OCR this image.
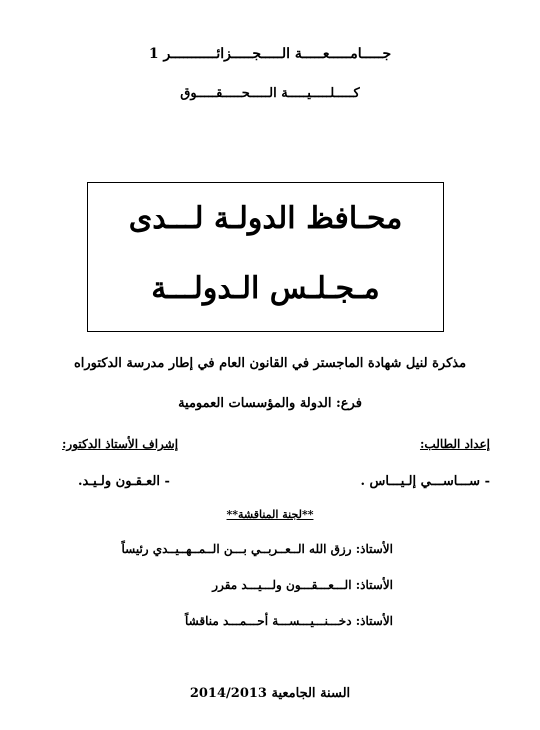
جـــــامـــــعـــــة الـــــجـــــزائـــــــــــر 1
كـــــلـــــيـــــة الـــــحـــــقـــــوق
محـافظ الدولـة لـــدى
مـجـلـس الـدولـــة
مذكرة لنيل شهادة الماجستر في القانون العام في إطار مدرسة الدكتوراه
فرع: الدولة والمؤسسات العمومية
إعداد الطالب:
إشراف الأستاذ الدكتور:
- ســـاســـي إلـيـــاس .
- العـقـون ولـيـد.
**لجنة المناقشة**
الأستاذ: رزق الله الــعــربــي بـــن الــمــهــيــدي رئيساً
الأستاذ: الـــعـــقـــون ولـــيـــد مقرر
الأستاذ: دخـــنـــيـــســـة أحـــمـــد مناقشاً
السنة الجامعية 2014/2013
